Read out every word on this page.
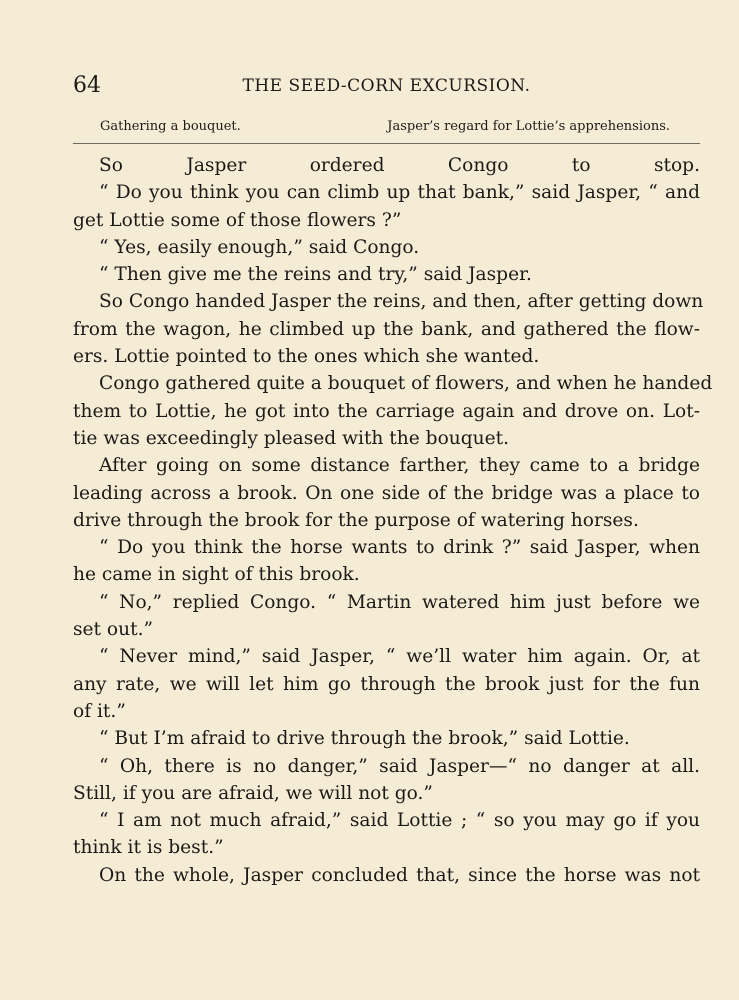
64	THE SEED-CORN EXCURSION.
Gathering a bouquet.	Jasper’s regard for Lottie’s apprehensions.
So Jasper ordered Congo to stop.
“ Do you think you can climb up that bank,” said Jasper, “ and
get Lottie some of those flowers ?”
“ Yes, easily enough,” said Congo.
“ Then give me the reins and try,” said Jasper.
So Congo handed Jasper the reins, and then, after getting down
from the wagon, he climbed up the bank, and gathered the flow-
ers. Lottie pointed to the ones which she wanted.
Congo gathered quite a bouquet of flowers, and when he handed
them to Lottie, he got into the carriage again and drove on. Lot-
tie was exceedingly pleased with the bouquet.
After going on some distance farther, they came to a bridge
leading across a brook. On one side of the bridge was a place to
drive through the brook for the purpose of watering horses.
“ Do you think the horse wants to drink ?” said Jasper, when
he came in sight of this brook.
“ No,” replied Congo. “ Martin watered him just before we
set out.”
“ Never mind,” said Jasper, “ we’ll water him again. Or, at
any rate, we will let him go through the brook just for the fun
of it.”
“ But I’m afraid to drive through the brook,” said Lottie.
“ Oh, there is no danger,” said Jasper—“ no danger at all.
Still, if you are afraid, we will not go.”
“ I am not much afraid,” said Lottie ; “ so you may go if you
think it is best.”
On the whole, Jasper concluded that, since the horse was not
